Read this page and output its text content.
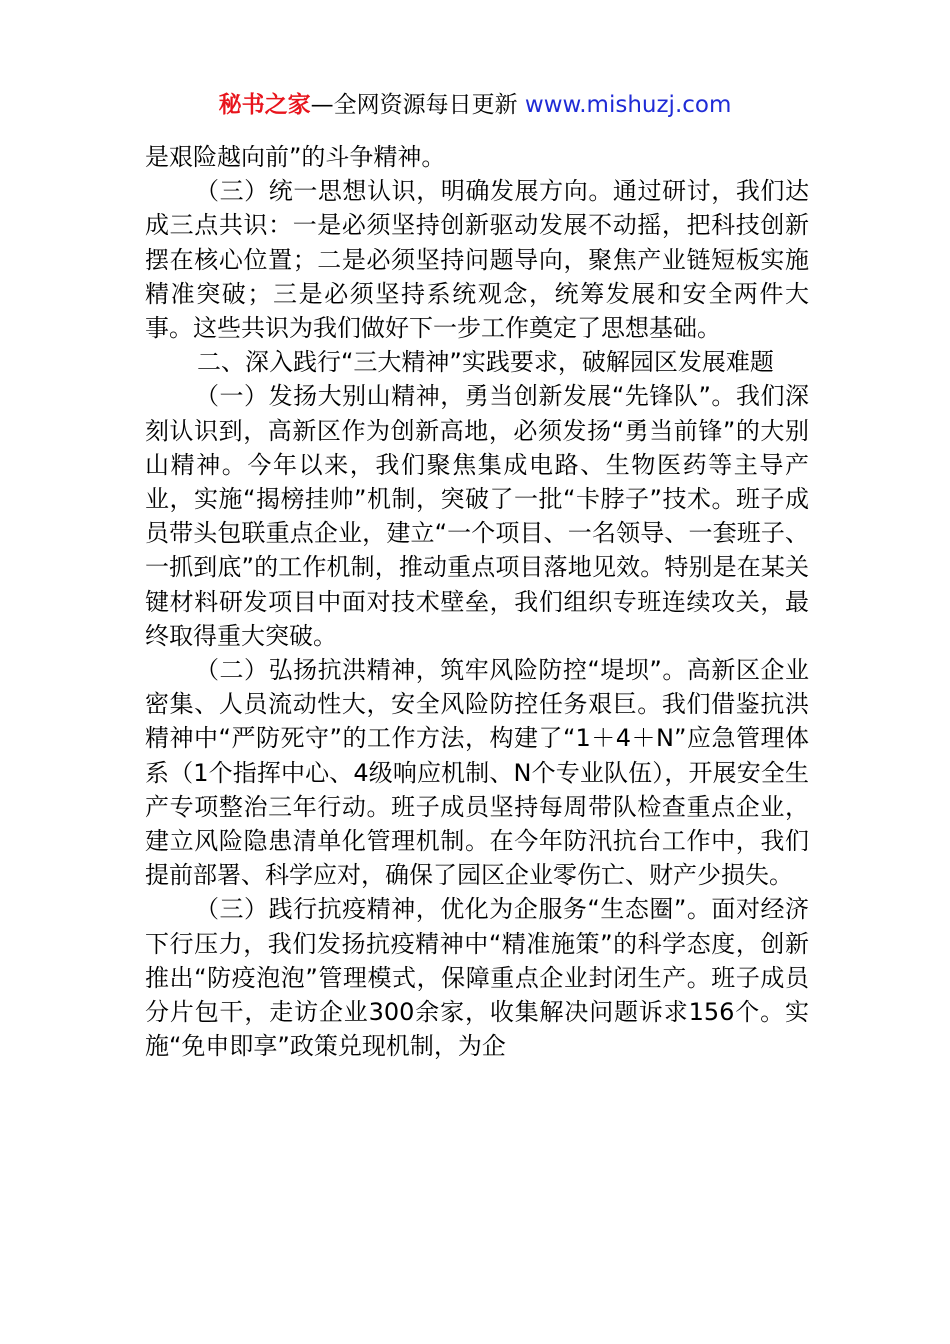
秘书之家—全网资源每日更新 www.mishuzj.com

是艰险越向前”的斗争精神。

（三）统一思想认识，明确发展方向。通过研讨，我们达成三点共识：一是必须坚持创新驱动发展不动摇，把科技创新摆在核心位置；二是必须坚持问题导向，聚焦产业链短板实施精准突破；三是必须坚持系统观念，统筹发展和安全两件大事。这些共识为我们做好下一步工作奠定了思想基础。

二、深入践行“三大精神”实践要求，破解园区发展难题

（一）发扬大别山精神，勇当创新发展“先锋队”。我们深刻认识到，高新区作为创新高地，必须发扬“勇当前锋”的大别山精神。今年以来，我们聚焦集成电路、生物医药等主导产业，实施“揭榜挂帅”机制，突破了一批“卡脖子”技术。班子成员带头包联重点企业，建立“一个项目、一名领导、一套班子、一抓到底”的工作机制，推动重点项目落地见效。特别是在某关键材料研发项目中面对技术壁垒，我们组织专班连续攻关，最终取得重大突破。

（二）弘扬抗洪精神，筑牢风险防控“堤坝”。高新区企业密集、人员流动性大，安全风险防控任务艰巨。我们借鉴抗洪精神中“严防死守”的工作方法，构建了“1＋4＋N”应急管理体系（1个指挥中心、4级响应机制、N个专业队伍），开展安全生产专项整治三年行动。班子成员坚持每周带队检查重点企业，建立风险隐患清单化管理机制。在今年防汛抗台工作中，我们提前部署、科学应对，确保了园区企业零伤亡、财产少损失。

（三）践行抗疫精神，优化为企服务“生态圈”。面对经济下行压力，我们发扬抗疫精神中“精准施策”的科学态度，创新推出“防疫泡泡”管理模式，保障重点企业封闭生产。班子成员分片包干，走访企业300余家，收集解决问题诉求156个。实施“免申即享”政策兑现机制，为企
